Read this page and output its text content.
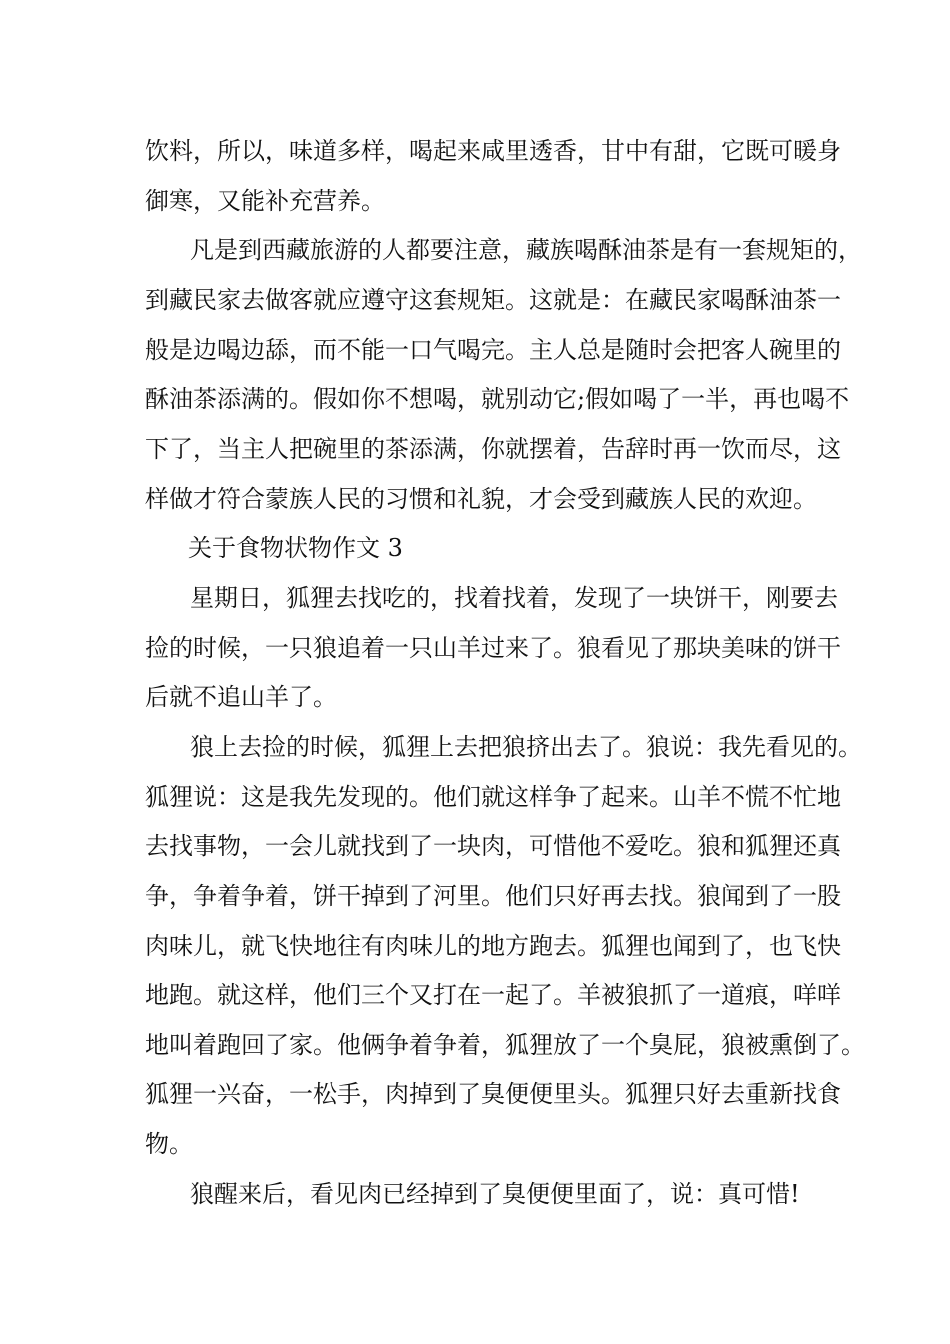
饮料，所以，味道多样，喝起来咸里透香，甘中有甜，它既可暖身
御寒，又能补充营养。
凡是到西藏旅游的人都要注意，藏族喝酥油茶是有一套规矩的，
到藏民家去做客就应遵守这套规矩。这就是：在藏民家喝酥油茶一
般是边喝边舔，而不能一口气喝完。主人总是随时会把客人碗里的
酥油茶添满的。假如你不想喝，就别动它;假如喝了一半，再也喝不
下了，当主人把碗里的茶添满，你就摆着，告辞时再一饮而尽，这
样做才符合蒙族人民的习惯和礼貌，才会受到藏族人民的欢迎。
关于食物状物作文 3
星期日，狐狸去找吃的，找着找着，发现了一块饼干，刚要去
捡的时候，一只狼追着一只山羊过来了。狼看见了那块美味的饼干
后就不追山羊了。
狼上去捡的时候，狐狸上去把狼挤出去了。狼说：我先看见的。
狐狸说：这是我先发现的。他们就这样争了起来。山羊不慌不忙地
去找事物，一会儿就找到了一块肉，可惜他不爱吃。狼和狐狸还真
争，争着争着，饼干掉到了河里。他们只好再去找。狼闻到了一股
肉味儿，就飞快地往有肉味儿的地方跑去。狐狸也闻到了，也飞快
地跑。就这样，他们三个又打在一起了。羊被狼抓了一道痕，咩咩
地叫着跑回了家。他俩争着争着，狐狸放了一个臭屁，狼被熏倒了。
狐狸一兴奋，一松手，肉掉到了臭便便里头。狐狸只好去重新找食
物。
狼醒来后，看见肉已经掉到了臭便便里面了，说：真可惜!
